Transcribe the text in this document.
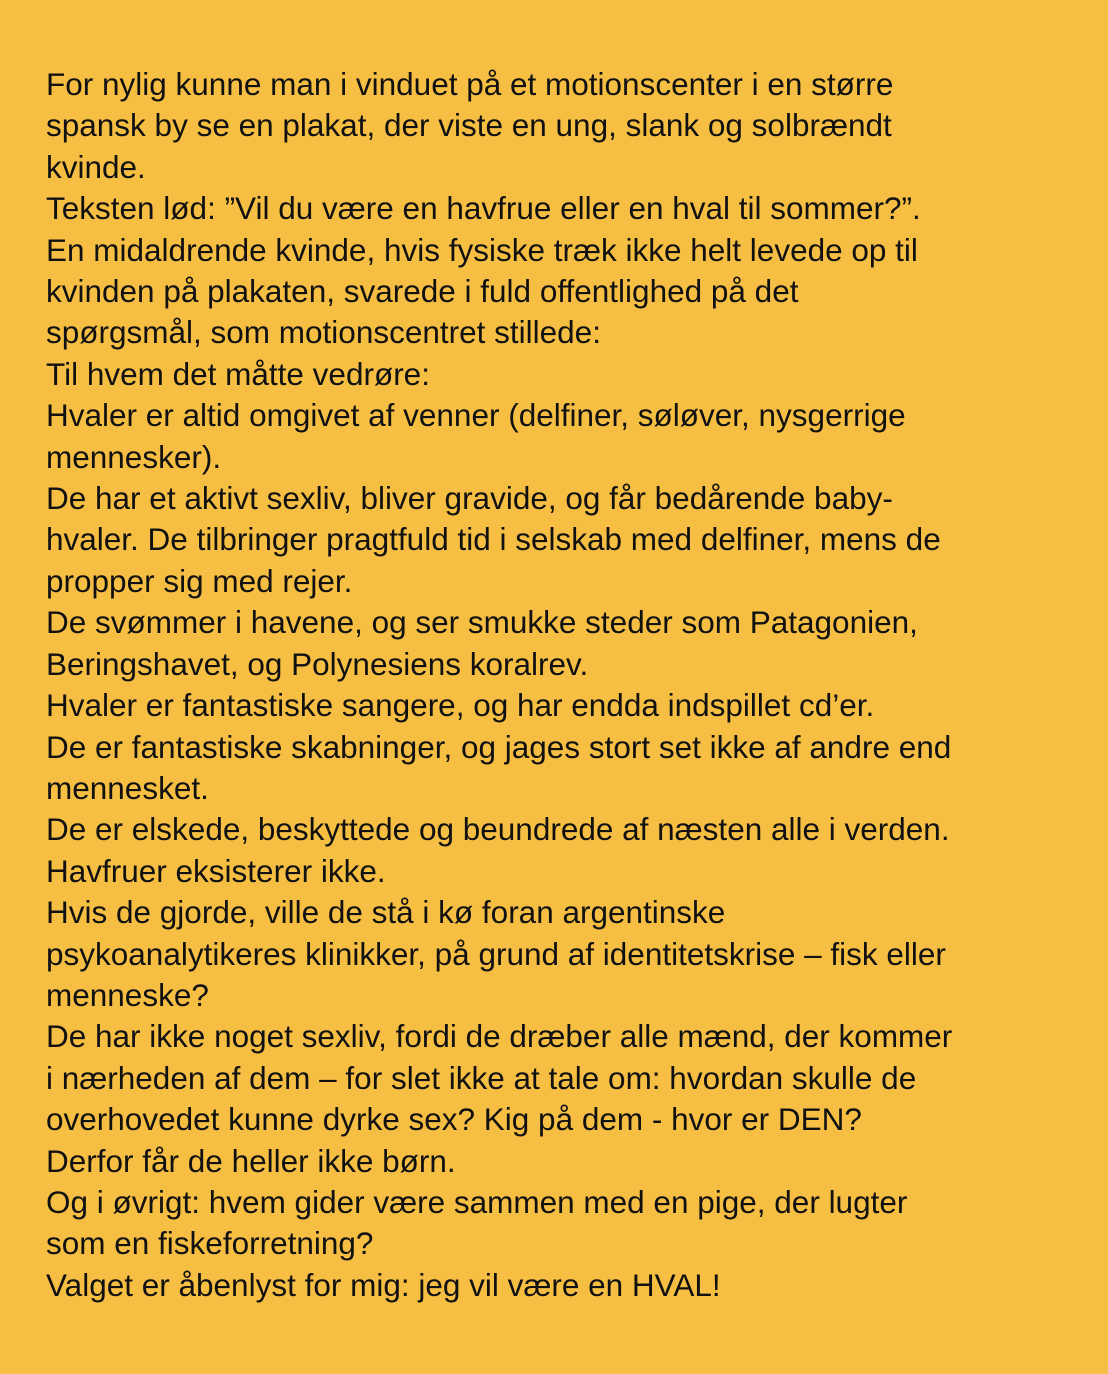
For nylig kunne man i vinduet på et motionscenter i en større

spansk by se en plakat, der viste en ung, slank og solbrændt

kvinde.

Teksten lød: ”Vil du være en havfrue eller en hval til sommer?”.

En midaldrende kvinde, hvis fysiske træk ikke helt levede op til

kvinden på plakaten, svarede i fuld offentlighed på det

spørgsmål, som motionscentret stillede:

Til hvem det måtte vedrøre:

Hvaler er altid omgivet af venner (delfiner, søløver, nysgerrige

mennesker).

De har et aktivt sexliv, bliver gravide, og får bedårende baby-

hvaler. De tilbringer pragtfuld tid i selskab med delfiner, mens de

propper sig med rejer.

De svømmer i havene, og ser smukke steder som Patagonien,

Beringshavet, og Polynesiens koralrev.

Hvaler er fantastiske sangere, og har endda indspillet cd’er.

De er fantastiske skabninger, og jages stort set ikke af andre end

mennesket.

De er elskede, beskyttede og beundrede af næsten alle i verden.

Havfruer eksisterer ikke.

Hvis de gjorde, ville de stå i kø foran argentinske

psykoanalytikeres klinikker, på grund af identitetskrise – fisk eller

menneske?

De har ikke noget sexliv, fordi de dræber alle mænd, der kommer

i nærheden af dem – for slet ikke at tale om: hvordan skulle de

overhovedet kunne dyrke sex? Kig på dem - hvor er DEN?

Derfor får de heller ikke børn.

Og i øvrigt: hvem gider være sammen med en pige, der lugter

som en fiskeforretning?

Valget er åbenlyst for mig: jeg vil være en HVAL!
